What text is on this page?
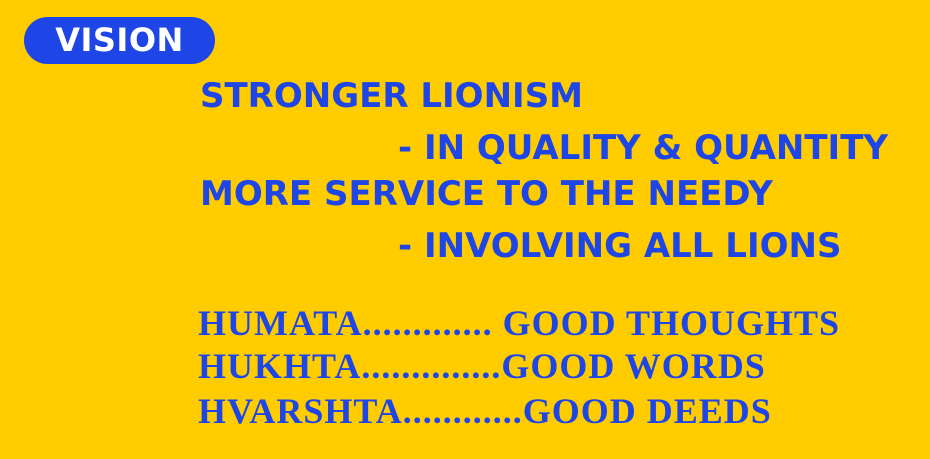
VISION
STRONGER LIONISM
- IN QUALITY & QUANTITY
MORE SERVICE TO THE NEEDY
- INVOLVING ALL LIONS
HUMATA............. GOOD THOUGHTS
HUKHTA..............GOOD WORDS
HVARSHTA............GOOD DEEDS
